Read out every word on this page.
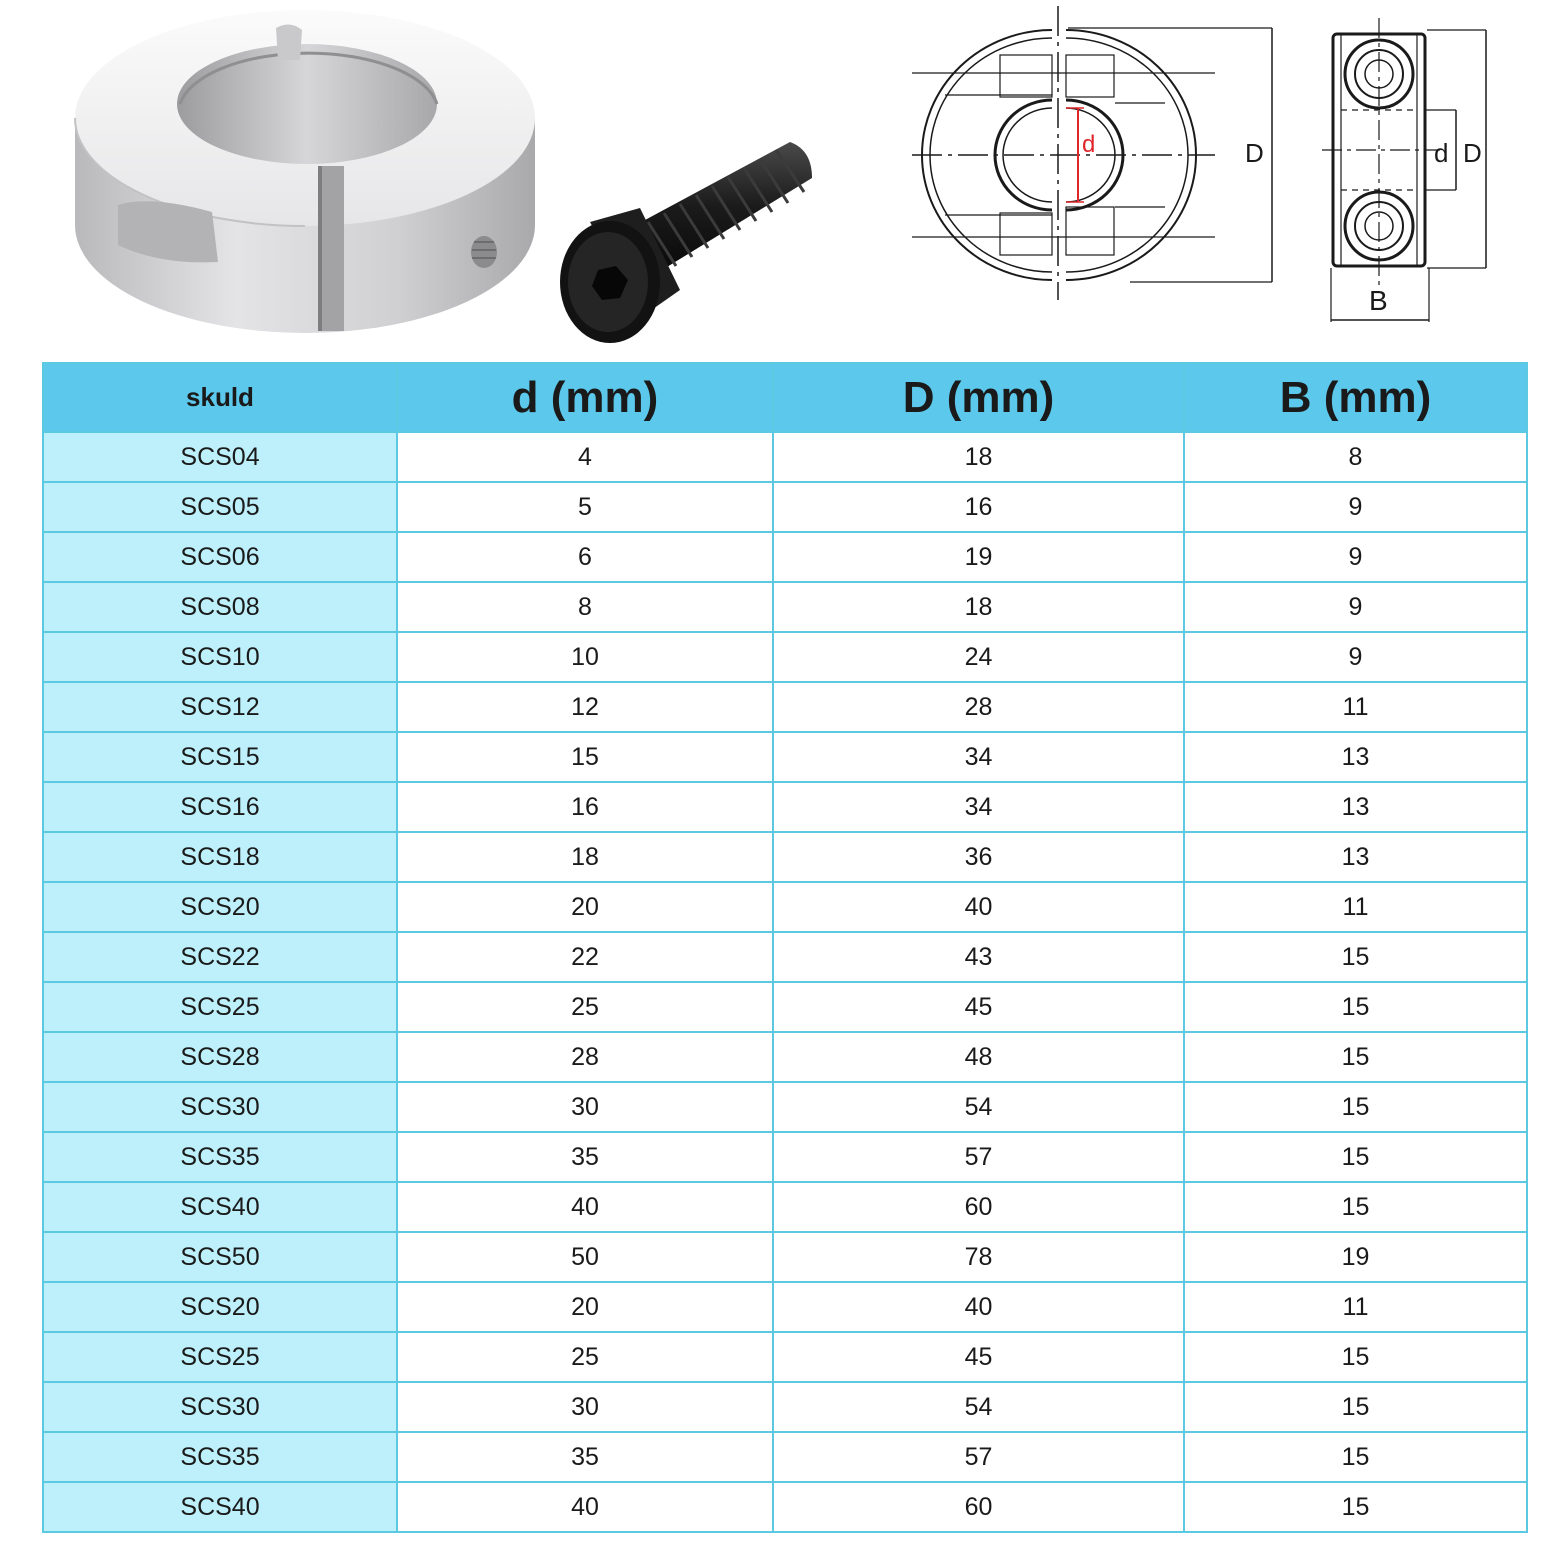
d	D	d D
B
skuld	d (mm)	D (mm)	B (mm)
SCS04	4	18	8
SCS05	5	16	9
SCS06	6	19	9
SCS08	8	18	9
SCS10	10	24	9
SCS12	12	28	11
SCS15	15	34	13
SCS16	16	34	13
SCS18	18	36	13
SCS20	20	40	11
SCS22	22	43	15
SCS25	25	45	15
SCS28	28	48	15
SCS30	30	54	15
SCS35	35	57	15
SCS40	40	60	15
SCS50	50	78	19
SCS20	20	40	11
SCS25	25	45	15
SCS30	30	54	15
SCS35	35	57	15
SCS40	40	60	15
